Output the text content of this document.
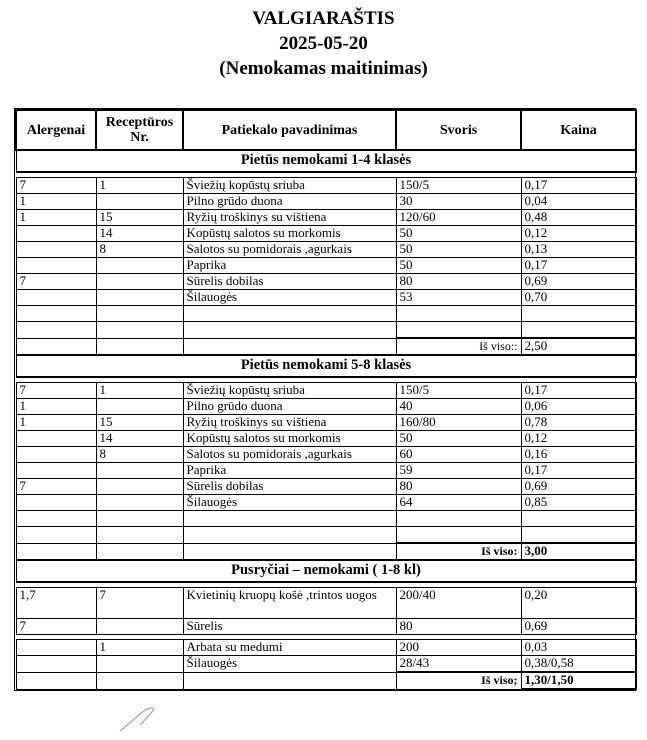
VALGIARAŠTIS
2025-05-20
(Nemokamas maitinimas)
Alergenai	Receptūros Nr.	Patiekalo pavadinimas	Svoris	Kaina
Pietūs nemokami 1-4 klasės				

7	1	Šviežių kopūstų sriuba	150/5	0,17
1		Pilno grūdo duona	30	0,04
1	15	Ryžių troškinys su vištiena	120/60	0,48
	14	Kopūstų salotos su morkomis	50	0,12
	8	Salotos su pomidorais ,agurkais	50	0,13
		Paprika	50	0,17
7		Sūrelis dobilas	80	0,69
		Šilauogės	53	0,70

			Iš viso::	2,50
Pietūs nemokami 5-8 klasės				

7	1	Šviežių kopūstų sriuba	150/5	0,17
1		Pilno grūdo duona	40	0,06
1	15	Ryžių troškinys su vištiena	160/80	0,78
	14	Kopūstų salotos su morkomis	50	0,12
	8	Salotos su pomidorais ,agurkais	60	0,16
		Paprika	59	0,17
7		Sūrelis dobilas	80	0,69
		Šilauogės	64	0,85

			Iš viso:	3,00
Pusryčiai – nemokami ( 1-8 kl)				

1,7	7	Kvietinių kruopų košė ,trintos uogos	200/40	0,20
7		Sūrelis	80	0,69

	1	Arbata su medumi	200	0,03
		Šilauogės	28/43	0,38/0,58
			Iš viso;	1,30/1,50
